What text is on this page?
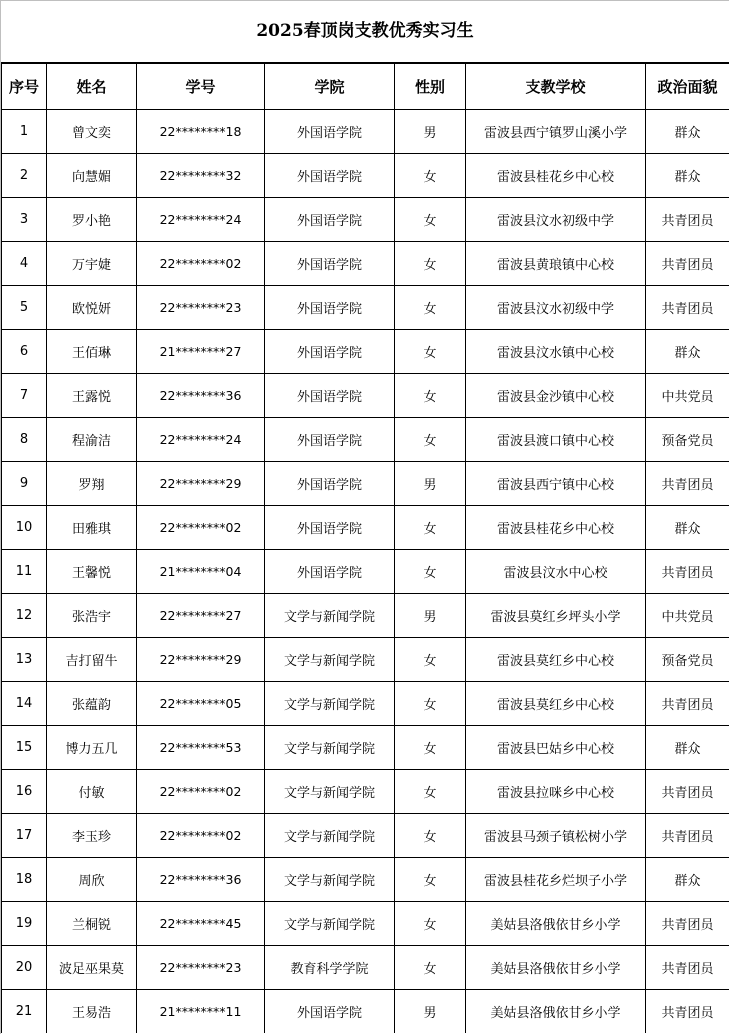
2025春顶岗支教优秀实习生
序号	姓名	学号	学院	性别	支教学校	政治面貌
1	曾文奕	22********18	外国语学院	男	雷波县西宁镇罗山溪小学	群众
2	向慧媚	22********32	外国语学院	女	雷波县桂花乡中心校	群众
3	罗小艳	22********24	外国语学院	女	雷波县汶水初级中学	共青团员
4	万宇婕	22********02	外国语学院	女	雷波县黄琅镇中心校	共青团员
5	欧悦妍	22********23	外国语学院	女	雷波县汶水初级中学	共青团员
6	王佰琳	21********27	外国语学院	女	雷波县汶水镇中心校	群众
7	王露悦	22********36	外国语学院	女	雷波县金沙镇中心校	中共党员
8	程渝洁	22********24	外国语学院	女	雷波县渡口镇中心校	预备党员
9	罗翔	22********29	外国语学院	男	雷波县西宁镇中心校	共青团员
10	田雅琪	22********02	外国语学院	女	雷波县桂花乡中心校	群众
11	王馨悦	21********04	外国语学院	女	雷波县汶水中心校	共青团员
12	张浩宇	22********27	文学与新闻学院	男	雷波县莫红乡坪头小学	中共党员
13	吉打留牛	22********29	文学与新闻学院	女	雷波县莫红乡中心校	预备党员
14	张蕴韵	22********05	文学与新闻学院	女	雷波县莫红乡中心校	共青团员
15	博力五几	22********53	文学与新闻学院	女	雷波县巴姑乡中心校	群众
16	付敏	22********02	文学与新闻学院	女	雷波县拉咪乡中心校	共青团员
17	李玉珍	22********02	文学与新闻学院	女	雷波县马颈子镇松树小学	共青团员
18	周欣	22********36	文学与新闻学院	女	雷波县桂花乡烂坝子小学	群众
19	兰桐锐	22********45	文学与新闻学院	女	美姑县洛俄依甘乡小学	共青团员
20	波足巫果莫	22********23	教育科学学院	女	美姑县洛俄依甘乡小学	共青团员
21	王易浩	21********11	外国语学院	男	美姑县洛俄依甘乡小学	共青团员
